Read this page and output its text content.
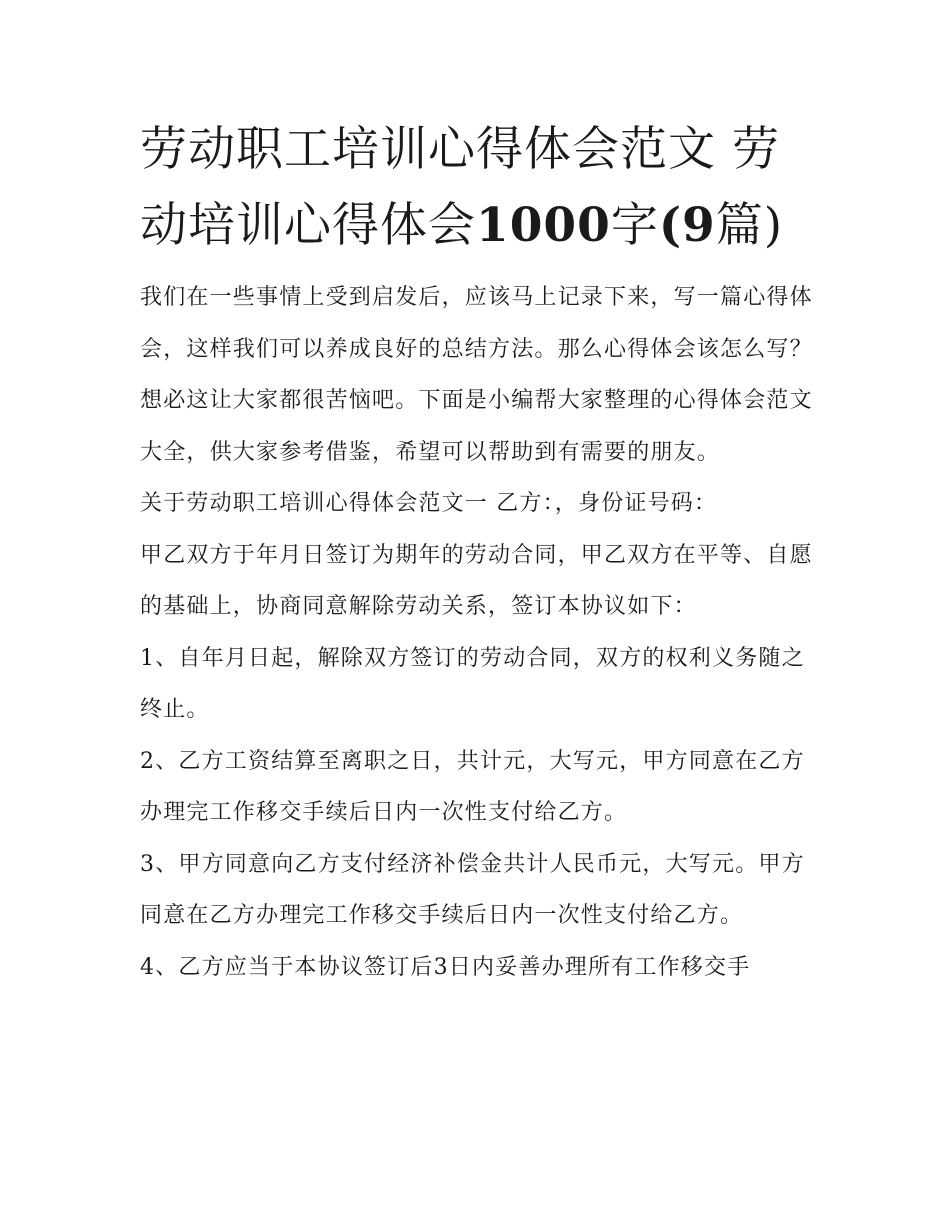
劳动职工培训心得体会范文 劳动培训心得体会1000字(9篇)

我们在一些事情上受到启发后，应该马上记录下来，写一篇心得体会，这样我们可以养成良好的总结方法。那么心得体会该怎么写？想必这让大家都很苦恼吧。下面是小编帮大家整理的心得体会范文大全，供大家参考借鉴，希望可以帮助到有需要的朋友。

关于劳动职工培训心得体会范文一 乙方：，身份证号码：

甲乙双方于年月日签订为期年的劳动合同，甲乙双方在平等、自愿的基础上，协商同意解除劳动关系，签订本协议如下：

1、自年月日起，解除双方签订的劳动合同，双方的权利义务随之终止。

2、乙方工资结算至离职之日，共计元，大写元，甲方同意在乙方办理完工作移交手续后日内一次性支付给乙方。

3、甲方同意向乙方支付经济补偿金共计人民币元，大写元。甲方同意在乙方办理完工作移交手续后日内一次性支付给乙方。

4、乙方应当于本协议签订后3日内妥善办理所有工作移交手
